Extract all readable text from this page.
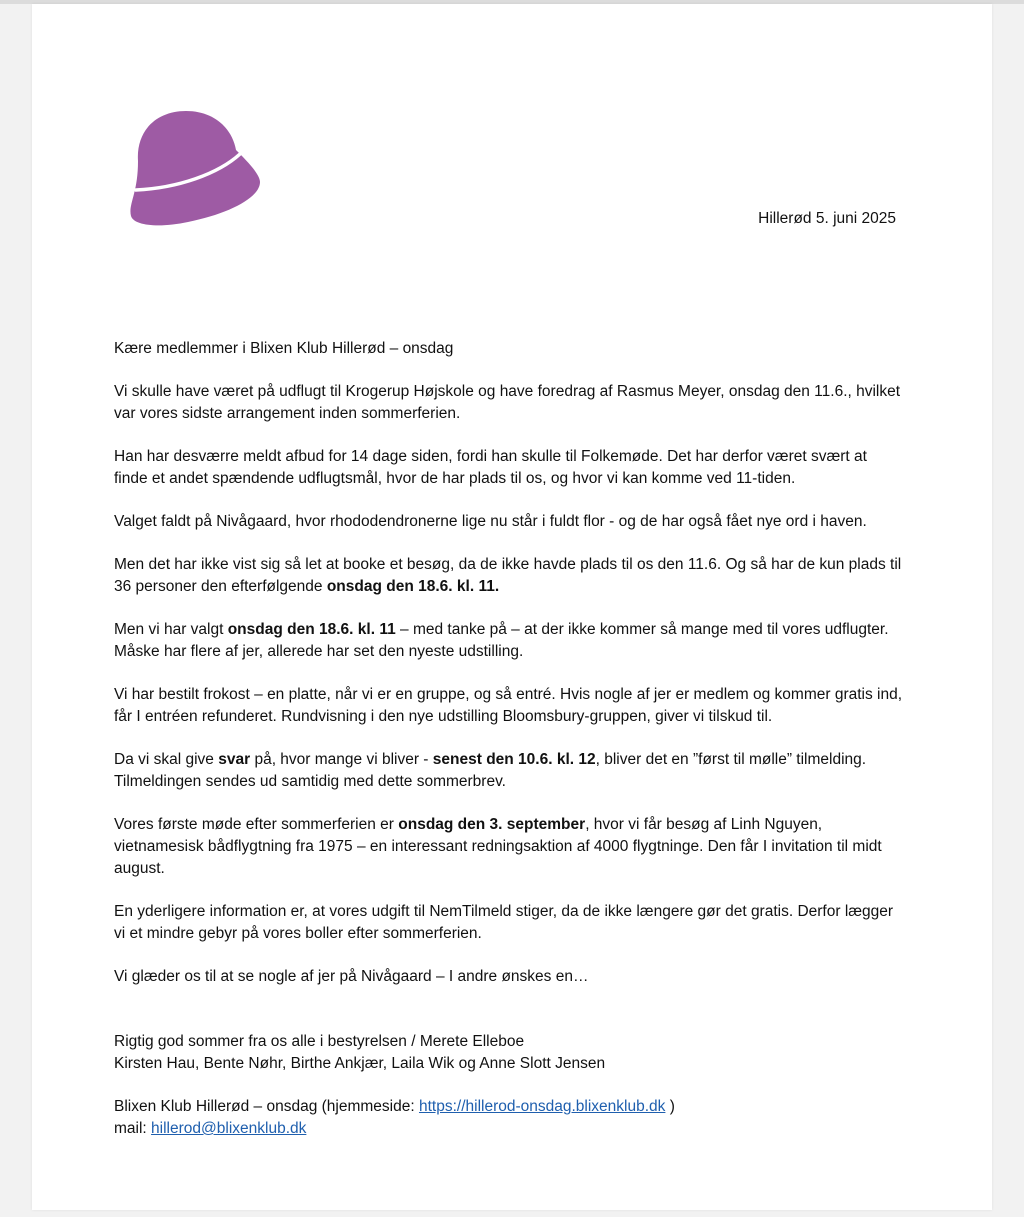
Hillerød 5. juni 2025

Kære medlemmer i Blixen Klub Hillerød – onsdag

Vi skulle have været på udflugt til Krogerup Højskole og have foredrag af Rasmus Meyer, onsdag den 11.6., hvilket var vores sidste arrangement inden sommerferien.

Han har desværre meldt afbud for 14 dage siden, fordi han skulle til Folkemøde. Det har derfor været svært at finde et andet spændende udflugtsmål, hvor de har plads til os, og hvor vi kan komme ved 11-tiden.

Valget faldt på Nivågaard, hvor rhododendronerne lige nu står i fuldt flor - og de har også fået nye ord i haven.

Men det har ikke vist sig så let at booke et besøg, da de ikke havde plads til os den 11.6. Og så har de kun plads til 36 personer den efterfølgende onsdag den 18.6. kl. 11.

Men vi har valgt onsdag den 18.6. kl. 11 – med tanke på – at der ikke kommer så mange med til vores udflugter. Måske har flere af jer, allerede har set den nyeste udstilling.

Vi har bestilt frokost – en platte, når vi er en gruppe, og så entré. Hvis nogle af jer er medlem og kommer gratis ind, får I entréen refunderet. Rundvisning i den nye udstilling Bloomsbury-gruppen, giver vi tilskud til.

Da vi skal give svar på, hvor mange vi bliver - senest den 10.6. kl. 12, bliver det en ”først til mølle” tilmelding. Tilmeldingen sendes ud samtidig med dette sommerbrev.

Vores første møde efter sommerferien er onsdag den 3. september, hvor vi får besøg af Linh Nguyen, vietnamesisk bådflygtning fra 1975 – en interessant redningsaktion af 4000 flygtninge. Den får I invitation til midt august.

En yderligere information er, at vores udgift til NemTilmeld stiger, da de ikke længere gør det gratis. Derfor lægger vi et mindre gebyr på vores boller efter sommerferien.

Vi glæder os til at se nogle af jer på Nivågaard – I andre ønskes en…

Rigtig god sommer fra os alle i bestyrelsen / Merete Elleboe
Kirsten Hau, Bente Nøhr, Birthe Ankjær, Laila Wik og Anne Slott Jensen

Blixen Klub Hillerød – onsdag (hjemmeside: https://hillerod-onsdag.blixenklub.dk )
mail: hillerod@blixenklub.dk
